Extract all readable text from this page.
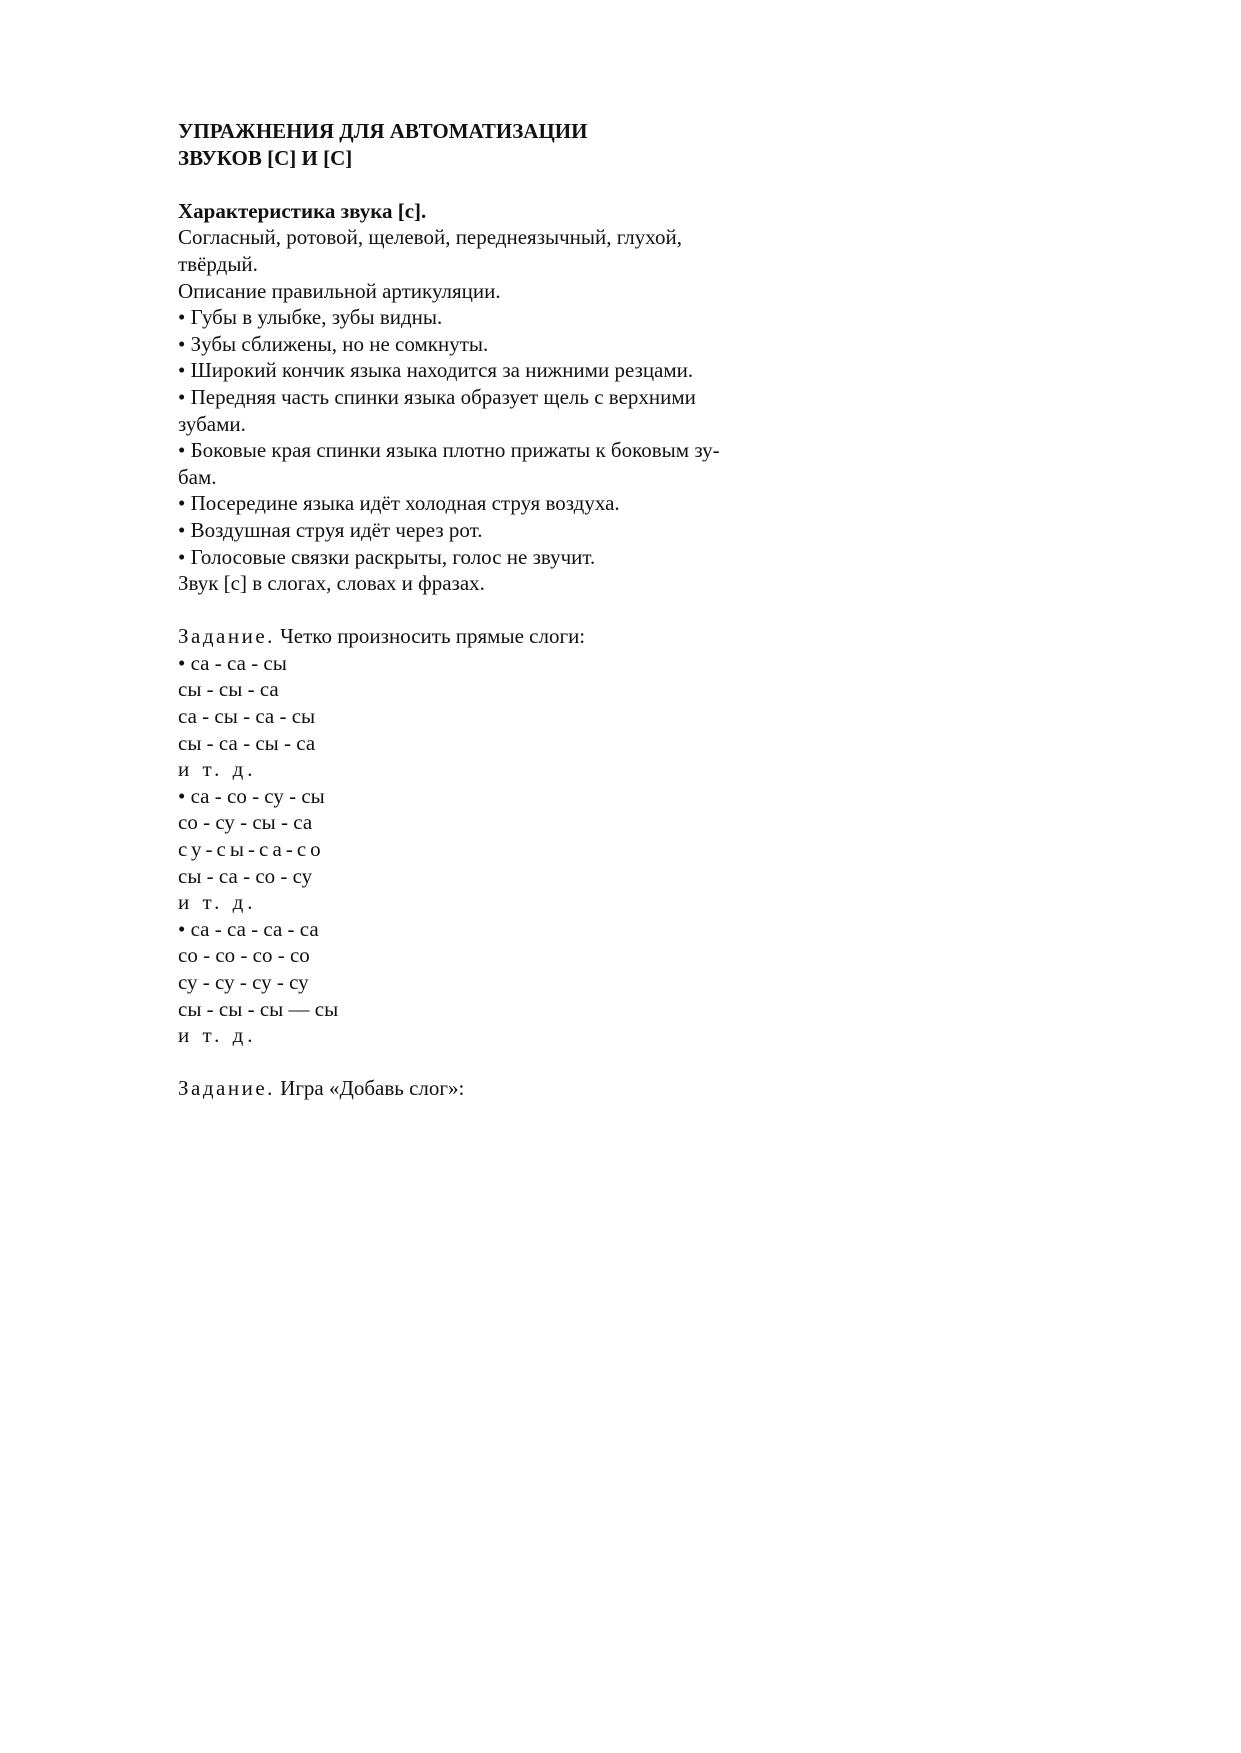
УПРАЖНЕНИЯ ДЛЯ АВТОМАТИЗАЦИИ
ЗВУКОВ [С] И [С]
Характеристика звука [с].
Согласный, ротовой, щелевой, переднеязычный, глухой,
твёрдый.
Описание правильной артикуляции.
• Губы в улыбке, зубы видны.
• Зубы сближены, но не сомкнуты.
• Широкий кончик языка находится за нижними резцами.
• Передняя часть спинки языка образует щель с верхними
зубами.
• Боковые края спинки языка плотно прижаты к боковым зу-
бам.
• Посередине языка идёт холодная струя воздуха.
• Воздушная струя идёт через рот.
• Голосовые связки раскрыты, голос не звучит.
Звук [с] в слогах, словах и фразах.
Задание. Четко произносить прямые слоги:
• са - са - сы
сы - сы - са
са - сы - са - сы
сы - са - сы - са
и т. д.
• са - со - су - сы
со - су - сы - са
су-сы-са-со
сы - са - со - су
и т. д.
• са - са - са - са
со - со - со - со
су - су - су - су
сы - сы - сы — сы
и т. д.
Задание. Игра «Добавь слог»:
